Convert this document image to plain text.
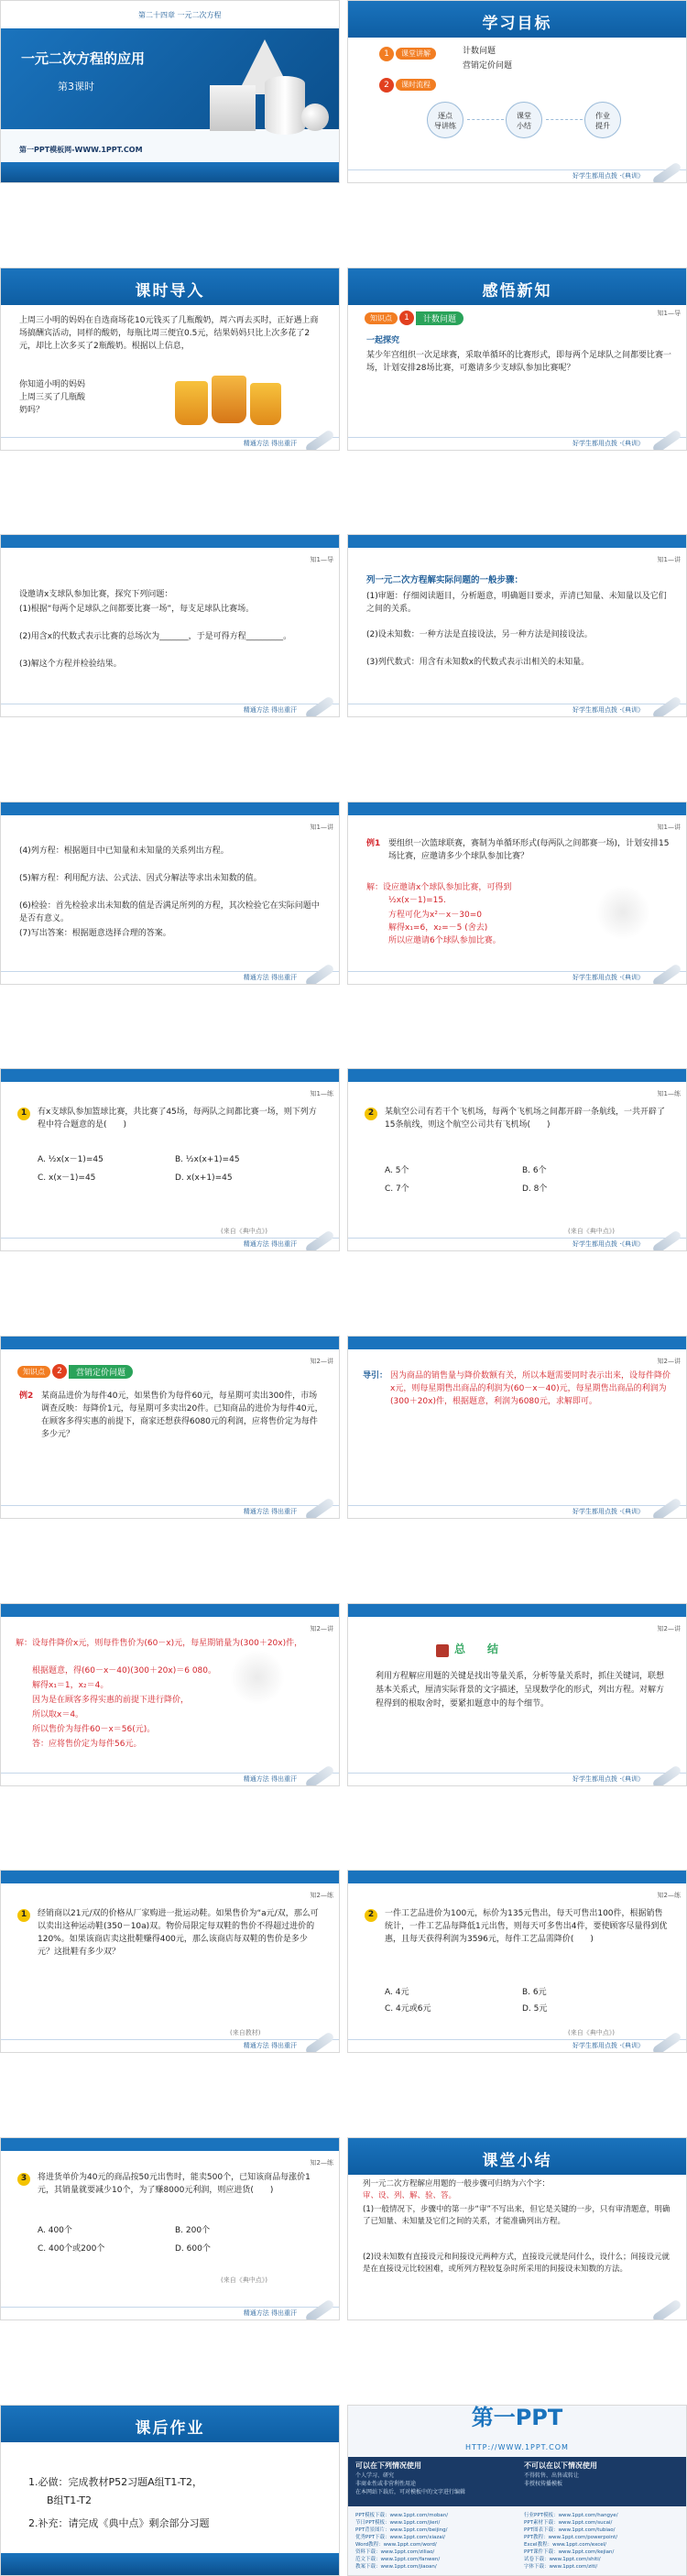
第二十四章 一元二次方程
一元二次方程的应用
第3课时
第一PPT模板网-WWW.1PPT.COM
学习目标
1	课堂讲解	计数问题
营销定价问题
2	课时流程
逐点
导讲练
课堂
小结
作业
提升
好学生都用点拨 ·《典训》
课时导入
上周三小明的妈妈在自选商场花10元钱买了几瓶酸奶，周六再去买时，正好遇上商场搞酬宾活动，同样的酸奶，每瓶比周三便宜0.5元，结果妈妈只比上次多花了2元，却比上次多买了2瓶酸奶。根据以上信息，
你知道小明的妈妈
上周三买了几瓶酸
奶吗？
精通方法 得出重汗
感悟新知
知1—导
知识点	1	计数问题
一起探究
某少年宫组织一次足球赛，采取单循环的比赛形式，即每两个足球队之间都要比赛一场，计划安排28场比赛，可邀请多少支球队参加比赛呢？
好学生都用点拨 ·《典训》
知1—导
设邀请x支球队参加比赛，探究下列问题：
(1)根据“每两个足球队之间都要比赛一场”，每支足球队比赛场。
(2)用含x的代数式表示比赛的总场次为_______，于是可得方程_________。
(3)解这个方程并检验结果。
精通方法 得出重汗
知1—讲
列一元二次方程解实际问题的一般步骤：
(1)审题：仔细阅读题目，分析题意，明确题目要求，弄清已知量、未知量以及它们之间的关系。
(2)设未知数：一种方法是直接设法，另一种方法是间接设法。
(3)列代数式：用含有未知数x的代数式表示出相关的未知量。
好学生都用点拨 ·《典训》
知1—讲
(4)列方程：根据题目中已知量和未知量的关系列出方程。
(5)解方程：利用配方法、公式法、因式分解法等求出未知数的值。
(6)检验：首先检验求出未知数的值是否满足所列的方程，其次检验它在实际问题中是否有意义。
(7)写出答案：根据题意选择合理的答案。
精通方法 得出重汗
知1—讲
例1 要组织一次篮球联赛，赛制为单循环形式(每两队之间都赛一场)，计划安排15场比赛，应邀请多少个球队参加比赛？
解：设应邀请x个球队参加比赛，可得到
½x(x－1)=15.
方程可化为x²－x－30=0
解得x₁=6，x₂=－5 (舍去)
所以应邀请6个球队参加比赛。
好学生都用点拨 ·《典训》
知1—练
1	有x支球队参加篮球比赛，共比赛了45场，每两队之间都比赛一场，则下列方程中符合题意的是(　　)
A. ½x(x－1)=45	B. ½x(x+1)=45
C. x(x－1)=45	D. x(x+1)=45
(来自《典中点》)
精通方法 得出重汗
知1—练
2	某航空公司有若干个飞机场，每两个飞机场之间都开辟一条航线，一共开辟了15条航线，则这个航空公司共有飞机场(　　)
A. 5个	B. 6个
C. 7个	D. 8个
(来自《典中点》)
好学生都用点拨 ·《典训》
知2—讲
知识点	2	营销定价问题
例2 某商品进价为每件40元，如果售价为每件60元，每星期可卖出300件，市场调查反映：每降价1元，每星期可多卖出20件。已知商品的进价为每件40元，在顾客多得实惠的前提下，商家还想获得6080元的利润，应将售价定为每件多少元？
精通方法 得出重汗
知2—讲
导引： 因为商品的销售量与降价数额有关，所以本题需要同时表示出来，设每件降价x元，则每星期售出商品的利润为(60－x－40)元，每星期售出商品的利润为(300＋20x)件，根据题意，利润为6080元，求解即可。
好学生都用点拨 ·《典训》
知2—讲
解：设每件降价x元，则每件售价为(60－x)元，每星期销量为(300＋20x)件，
根据题意，得(60－x－40)(300＋20x)＝6 080。
解得x₁＝1，x₂＝4。
因为是在顾客多得实惠的前提下进行降价，
所以取x＝4。
所以售价为每件60－x＝56(元)。
答：应将售价定为每件56元。
精通方法 得出重汗
知2—讲
总　　结
利用方程解应用题的关键是找出等量关系，分析等量关系时，抓住关键词，联想基本关系式，厘清实际背景的文字描述，呈现数学化的形式，列出方程。对解方程得到的根取舍时，要紧扣题意中的每个细节。
好学生都用点拨 ·《典训》
知2—练
1	经销商以21元/双的价格从厂家购进一批运动鞋。如果售价为“a元/双，那么可以卖出这种运动鞋(350－10a)双。物价局限定每双鞋的售价不得超过进价的120%。如果该商店卖这批鞋赚得400元，那么该商店每双鞋的售价是多少元？这批鞋有多少双？
(来自教材)
精通方法 得出重汗
知2—练
2	一件工艺品进价为100元，标价为135元售出，每天可售出100件，根据销售统计，一件工艺品每降低1元出售，则每天可多售出4件，要使顾客尽量得到优惠，且每天获得利润为3596元，每件工艺品需降价(　　)
A. 4元	B. 6元
C. 4元或6元	D. 5元
(来自《典中点》)
好学生都用点拨 ·《典训》
知2—练
3	将进货单价为40元的商品按50元出售时，能卖500个，已知该商品每涨价1元，其销量就要减少10个，为了赚8000元利润，则应进货(　　)
A. 400个	B. 200个
C. 400个或200个	D. 600个
(来自《典中点》)
精通方法 得出重汗
课堂小结
列一元二次方程解应用题的一般步骤可归纳为六个字：
审、设、列、解、验、答。
(1)一般情况下，步骤中的第一步“审”不写出来，但它是关键的一步，只有审清题意，明确了已知量、未知量及它们之间的关系，才能准确列出方程。
(2)设未知数有直接设元和间接设元两种方式，直接设元就是问什么，设什么；间接设元就是在直接设元比较困难，或所列方程较复杂时所采用的间接设未知数的方法。
课后作业
1.必做：完成教材P52习题A组T1-T2，
B组T1-T2
2.补充：请完成《典中点》剩余部分习题
第一PPT
HTTP://WWW.1PPT.COM
可以在下列情况使用
个人学习、研究
非商业性或非营利性用途
在本网站下载后，可对模板中的文字进行编辑
不可以在以下情况使用
不得转售、出售或转让
非授权传播模板
PPT模板下载：www.1ppt.com/moban/
节日PPT模板：www.1ppt.com/jieri/
PPT背景图片：www.1ppt.com/beijing/
优秀PPT下载：www.1ppt.com/xiazai/
Word教程：www.1ppt.com/word/
资料下载：www.1ppt.com/ziliao/
范文下载：www.1ppt.com/fanwen/
教案下载：www.1ppt.com/jiaoan/
行业PPT模板：www.1ppt.com/hangye/
PPT素材下载：www.1ppt.com/sucai/
PPT图表下载：www.1ppt.com/tubiao/
PPT教程：www.1ppt.com/powerpoint/
Excel教程：www.1ppt.com/excel/
PPT课件下载：www.1ppt.com/kejian/
试卷下载：www.1ppt.com/shiti/
字体下载：www.1ppt.com/ziti/
